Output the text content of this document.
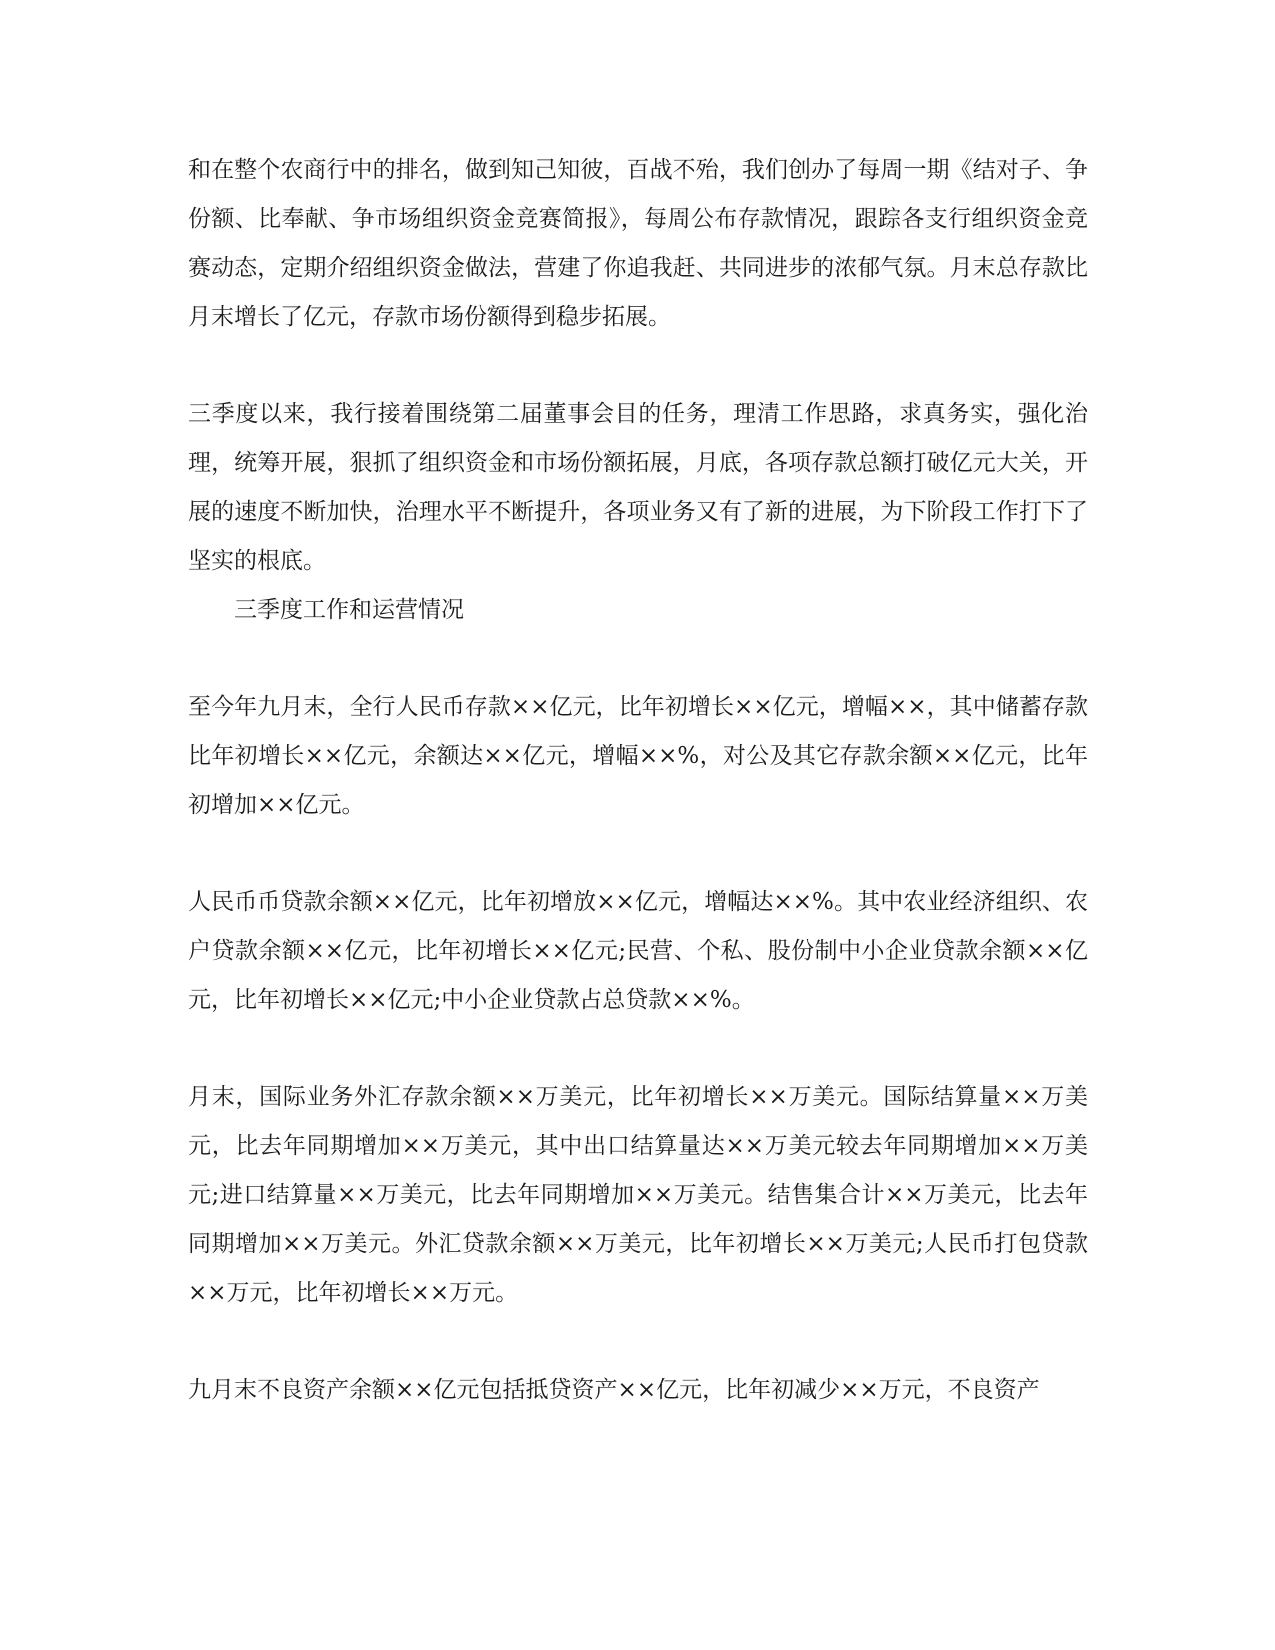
和在整个农商行中的排名，做到知己知彼，百战不殆，我们创办了每周一期《结对子、争份额、比奉献、争市场组织资金竞赛简报》，每周公布存款情况，跟踪各支行组织资金竞赛动态，定期介绍组织资金做法，营建了你追我赶、共同进步的浓郁气氛。月末总存款比月末增长了亿元，存款市场份额得到稳步拓展。

三季度以来，我行接着围绕第二届董事会目的任务，理清工作思路，求真务实，强化治理，统筹开展，狠抓了组织资金和市场份额拓展，月底，各项存款总额打破亿元大关，开展的速度不断加快，治理水平不断提升，各项业务又有了新的进展，为下阶段工作打下了坚实的根底。

三季度工作和运营情况

至今年九月末，全行人民币存款××亿元，比年初增长××亿元，增幅××，其中储蓄存款比年初增长××亿元，余额达××亿元，增幅××%，对公及其它存款余额××亿元，比年初增加××亿元。

人民币币贷款余额××亿元，比年初增放××亿元，增幅达××%。其中农业经济组织、农户贷款余额××亿元，比年初增长××亿元;民营、个私、股份制中小企业贷款余额××亿元，比年初增长××亿元;中小企业贷款占总贷款××%。

月末，国际业务外汇存款余额××万美元，比年初增长××万美元。国际结算量××万美元，比去年同期增加××万美元，其中出口结算量达××万美元较去年同期增加××万美元;进口结算量××万美元，比去年同期增加××万美元。结售集合计××万美元，比去年同期增加××万美元。外汇贷款余额××万美元，比年初增长××万美元;人民币打包贷款××万元，比年初增长××万元。

九月末不良资产余额××亿元包括抵贷资产××亿元，比年初减少××万元，不良资产
